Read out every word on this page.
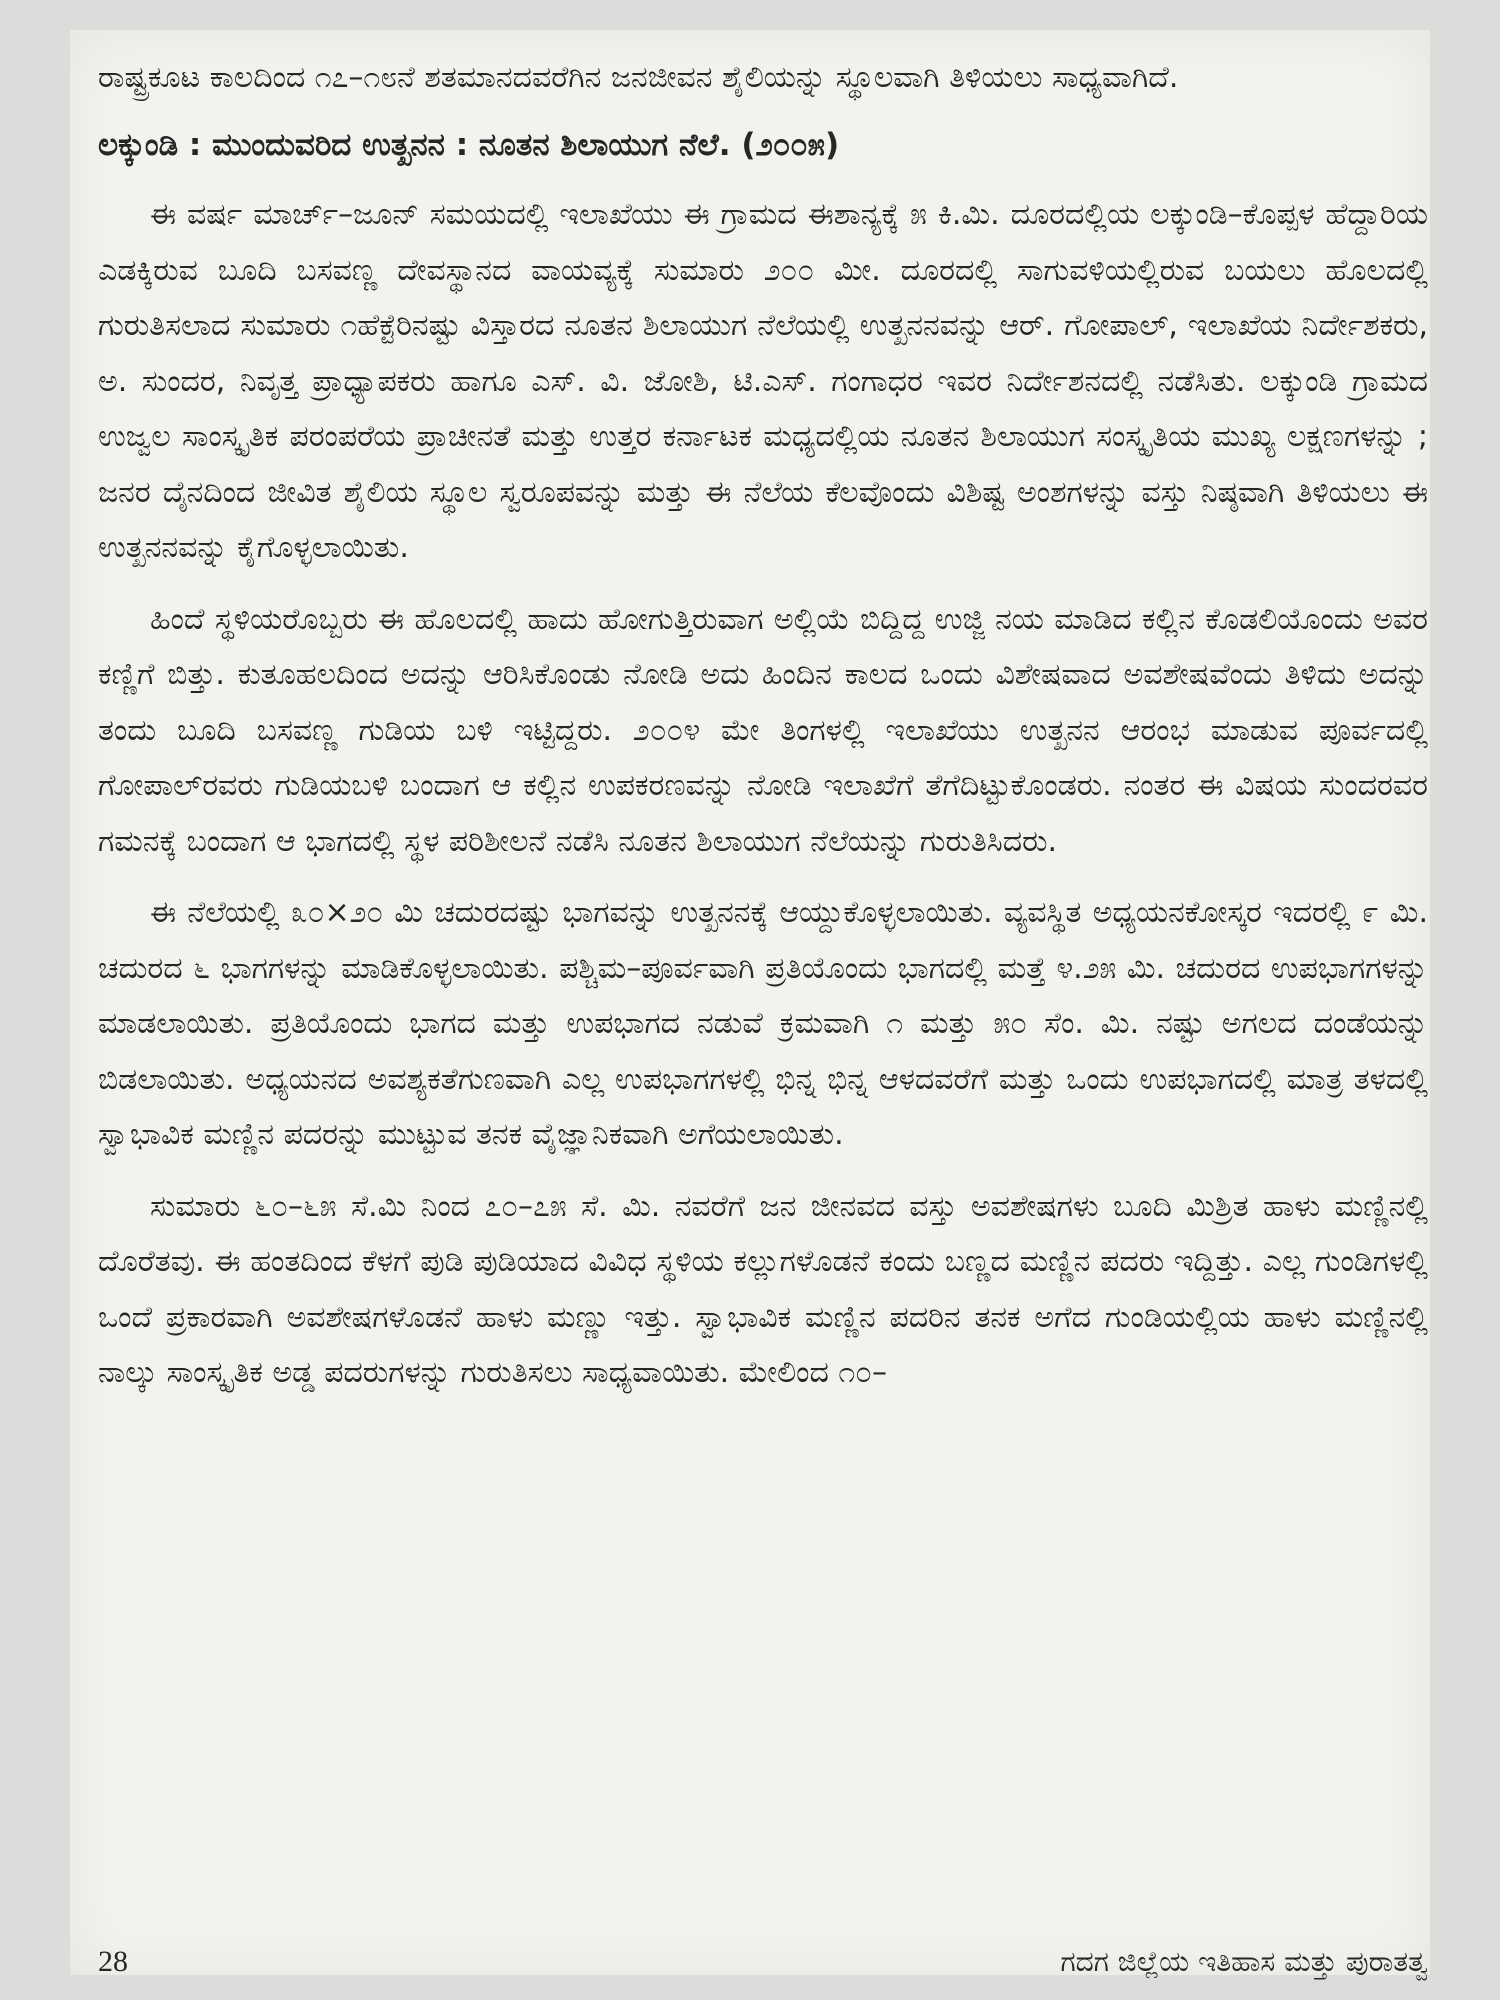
ರಾಷ್ಟ್ರಕೂಟ ಕಾಲದಿಂದ ೧೭–೧೮ನೆ ಶತಮಾನದವರೆಗಿನ ಜನಜೀವನ ಶೈಲಿಯನ್ನು ಸ್ಥೂಲವಾಗಿ ತಿಳಿಯಲು ಸಾಧ್ಯವಾಗಿದೆ.

ಲಕ್ಕುಂಡಿ : ಮುಂದುವರಿದ ಉತ್ಖನನ : ನೂತನ ಶಿಲಾಯುಗ ನೆಲೆ. (೨೦೦೫)

ಈ ವರ್ಷ ಮಾರ್ಚ್–ಜೂನ್ ಸಮಯದಲ್ಲಿ ಇಲಾಖೆಯು ಈ ಗ್ರಾಮದ ಈಶಾನ್ಯಕ್ಕೆ ೫ ಕಿ.ಮಿ. ದೂರದಲ್ಲಿಯ ಲಕ್ಕುಂಡಿ–ಕೊಪ್ಪಳ ಹೆದ್ದಾರಿಯ ಎಡಕ್ಕಿರುವ ಬೂದಿ ಬಸವಣ್ಣ ದೇವಸ್ಥಾನದ ವಾಯವ್ಯಕ್ಕೆ ಸುಮಾರು ೨೦೦ ಮೀ. ದೂರದಲ್ಲಿ ಸಾಗುವಳಿಯಲ್ಲಿರುವ ಬಯಲು ಹೊಲದಲ್ಲಿ ಗುರುತಿಸಲಾದ ಸುಮಾರು ೧ಹೆಕ್ಟೆರಿನಷ್ಟು ವಿಸ್ತಾರದ ನೂತನ ಶಿಲಾಯುಗ ನೆಲೆಯಲ್ಲಿ ಉತ್ಖನನವನ್ನು ಆರ್. ಗೋಪಾಲ್, ಇಲಾಖೆಯ ನಿರ್ದೇಶಕರು, ಅ. ಸುಂದರ, ನಿವೃತ್ತ ಪ್ರಾಧ್ಯಾಪಕರು ಹಾಗೂ ಎಸ್. ವಿ. ಜೋಶಿ, ಟಿ.ಎಸ್. ಗಂಗಾಧರ ಇವರ ನಿರ್ದೇಶನದಲ್ಲಿ ನಡೆಸಿತು. ಲಕ್ಕುಂಡಿ ಗ್ರಾಮದ ಉಜ್ವಲ ಸಾಂಸ್ಕೃತಿಕ ಪರಂಪರೆಯ ಪ್ರಾಚೀನತೆ ಮತ್ತು ಉತ್ತರ ಕರ್ನಾಟಕ ಮಧ್ಯದಲ್ಲಿಯ ನೂತನ ಶಿಲಾಯುಗ ಸಂಸ್ಕೃತಿಯ ಮುಖ್ಯ ಲಕ್ಷಣಗಳನ್ನು ; ಜನರ ದೈನದಿಂದ ಜೀವಿತ ಶೈಲಿಯ ಸ್ಥೂಲ ಸ್ವರೂಪವನ್ನು ಮತ್ತು ಈ ನೆಲೆಯ ಕೆಲವೊಂದು ವಿಶಿಷ್ಟ ಅಂಶಗಳನ್ನು ವಸ್ತು ನಿಷ್ಠವಾಗಿ ತಿಳಿಯಲು ಈ ಉತ್ಖನನವನ್ನು ಕೈಗೊಳ್ಳಲಾಯಿತು.

ಹಿಂದೆ ಸ್ಥಳಿಯರೊಬ್ಬರು ಈ ಹೊಲದಲ್ಲಿ ಹಾದು ಹೋಗುತ್ತಿರುವಾಗ ಅಲ್ಲಿಯೆ ಬಿದ್ದಿದ್ದ ಉಜ್ಜಿ ನಯ ಮಾಡಿದ ಕಲ್ಲಿನ ಕೊಡಲಿಯೊಂದು ಅವರ ಕಣ್ಣಿಗೆ ಬಿತ್ತು. ಕುತೂಹಲದಿಂದ ಅದನ್ನು ಆರಿಸಿಕೊಂಡು ನೋಡಿ ಅದು ಹಿಂದಿನ ಕಾಲದ ಒಂದು ವಿಶೇಷವಾದ ಅವಶೇಷವೆಂದು ತಿಳಿದು ಅದನ್ನು ತಂದು ಬೂದಿ ಬಸವಣ್ಣ ಗುಡಿಯ ಬಳಿ ಇಟ್ಟಿದ್ದರು. ೨೦೦೪ ಮೇ ತಿಂಗಳಲ್ಲಿ ಇಲಾಖೆಯು ಉತ್ಖನನ ಆರಂಭ ಮಾಡುವ ಪೂರ್ವದಲ್ಲಿ ಗೋಪಾಲ್‌ರವರು ಗುಡಿಯಬಳಿ ಬಂದಾಗ ಆ ಕಲ್ಲಿನ ಉಪಕರಣವನ್ನು ನೋಡಿ ಇಲಾಖೆಗೆ ತೆಗೆದಿಟ್ಟುಕೊಂಡರು. ನಂತರ ಈ ವಿಷಯ ಸುಂದರವರ ಗಮನಕ್ಕೆ ಬಂದಾಗ ಆ ಭಾಗದಲ್ಲಿ ಸ್ಥಳ ಪರಿಶೀಲನೆ ನಡೆಸಿ ನೂತನ ಶಿಲಾಯುಗ ನೆಲೆಯನ್ನು ಗುರುತಿಸಿದರು.

ಈ ನೆಲೆಯಲ್ಲಿ ೩೦×೨೦ ಮಿ ಚದುರದಷ್ಟು ಭಾಗವನ್ನು ಉತ್ಖನನಕ್ಕೆ ಆಯ್ದುಕೊಳ್ಳಲಾಯಿತು. ವ್ಯವಸ್ಥಿತ ಅಧ್ಯಯನಕೋಸ್ಕರ ಇದರಲ್ಲಿ ೯ ಮಿ. ಚದುರದ ೬ ಭಾಗಗಳನ್ನು ಮಾಡಿಕೊಳ್ಳಲಾಯಿತು. ಪಶ್ಚಿಮ–ಪೂರ್ವವಾಗಿ ಪ್ರತಿಯೊಂದು ಭಾಗದಲ್ಲಿ ಮತ್ತೆ ೪.೨೫ ಮಿ. ಚದುರದ ಉಪಭಾಗಗಳನ್ನು ಮಾಡಲಾಯಿತು. ಪ್ರತಿಯೊಂದು ಭಾಗದ ಮತ್ತು ಉಪಭಾಗದ ನಡುವೆ ಕ್ರಮವಾಗಿ ೧ ಮತ್ತು ೫೦ ಸೆಂ. ಮಿ. ನಷ್ಟು ಅಗಲದ ದಂಡೆಯನ್ನು ಬಿಡಲಾಯಿತು. ಅಧ್ಯಯನದ ಅವಶ್ಯಕತೆಗುಣವಾಗಿ ಎಲ್ಲ ಉಪಭಾಗಗಳಲ್ಲಿ ಭಿನ್ನ ಭಿನ್ನ ಆಳದವರೆಗೆ ಮತ್ತು ಒಂದು ಉಪಭಾಗದಲ್ಲಿ ಮಾತ್ರ ತಳದಲ್ಲಿ ಸ್ವಾಭಾವಿಕ ಮಣ್ಣಿನ ಪದರನ್ನು ಮುಟ್ಟುವ ತನಕ ವೈಜ್ಞಾನಿಕವಾಗಿ ಅಗೆಯಲಾಯಿತು.

ಸುಮಾರು ೬೦–೬೫ ಸೆ.ಮಿ ನಿಂದ ೭೦–೭೫ ಸೆ. ಮಿ. ನವರೆಗೆ ಜನ ಜೀನವದ ವಸ್ತು ಅವಶೇಷಗಳು ಬೂದಿ ಮಿಶ್ರಿತ ಹಾಳು ಮಣ್ಣಿನಲ್ಲಿ ದೊರೆತವು. ಈ ಹಂತದಿಂದ ಕೆಳಗೆ ಪುಡಿ ಪುಡಿಯಾದ ವಿವಿಧ ಸ್ಥಳಿಯ ಕಲ್ಲುಗಳೊಡನೆ ಕಂದು ಬಣ್ಣದ ಮಣ್ಣಿನ ಪದರು ಇದ್ದಿತ್ತು. ಎಲ್ಲ ಗುಂಡಿಗಳಲ್ಲಿ ಒಂದೆ ಪ್ರಕಾರವಾಗಿ ಅವಶೇಷಗಳೊಡನೆ ಹಾಳು ಮಣ್ಣು ಇತ್ತು. ಸ್ವಾಭಾವಿಕ ಮಣ್ಣಿನ ಪದರಿನ ತನಕ ಅಗೆದ ಗುಂಡಿಯಲ್ಲಿಯ ಹಾಳು ಮಣ್ಣಿನಲ್ಲಿ ನಾಲ್ಕು ಸಾಂಸ್ಕೃತಿಕ ಅಡ್ಡ ಪದರುಗಳನ್ನು ಗುರುತಿಸಲು ಸಾಧ್ಯವಾಯಿತು. ಮೇಲಿಂದ ೧೦–

28	ಗದಗ ಜಿಲ್ಲೆಯ ಇತಿಹಾಸ ಮತ್ತು ಪುರಾತತ್ವ
